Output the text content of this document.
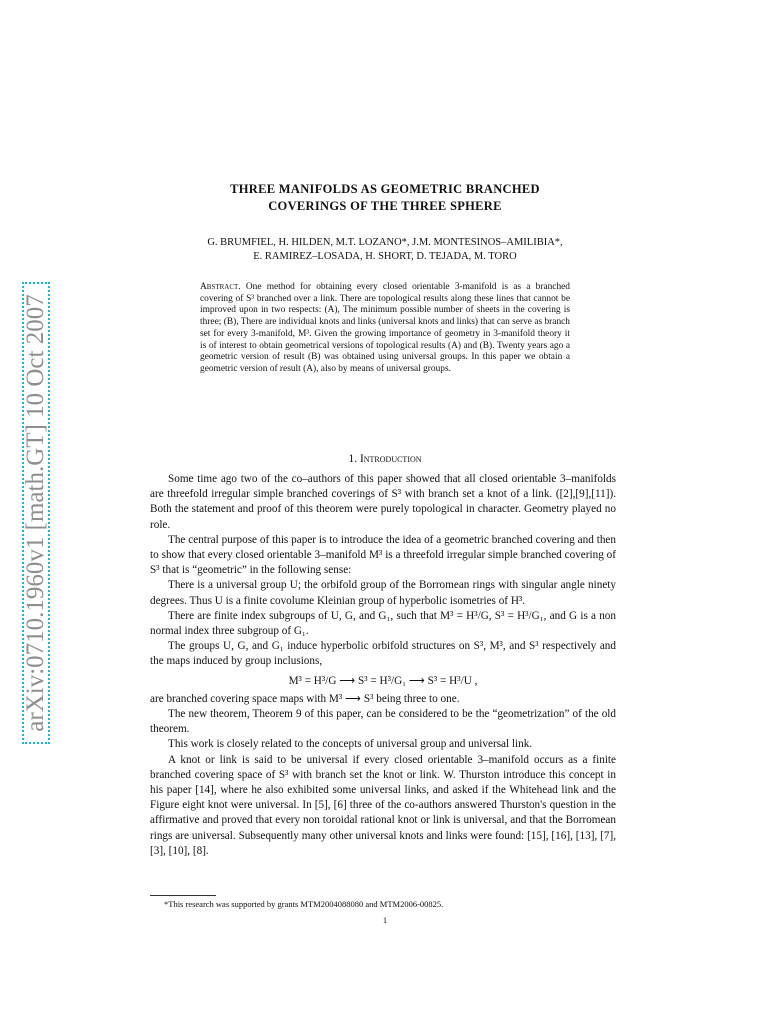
arXiv:0710.1960v1 [math.GT] 10 Oct 2007
THREE MANIFOLDS AS GEOMETRIC BRANCHED
COVERINGS OF THE THREE SPHERE
G. BRUMFIEL, H. HILDEN, M.T. LOZANO*, J.M. MONTESINOS–AMILIBIA*,
E. RAMIREZ–LOSADA, H. SHORT, D. TEJADA, M. TORO
Abstract. One method for obtaining every closed orientable 3-manifold is as a branched covering of S³ branched over a link. There are topological results along these lines that cannot be improved upon in two respects: (A), The minimum possible number of sheets in the covering is three; (B), There are individual knots and links (universal knots and links) that can serve as branch set for every 3-manifold, M³. Given the growing importance of geometry in 3-manifold theory it is of interest to obtain geometrical versions of topological results (A) and (B). Twenty years ago a geometric version of result (B) was obtained using universal groups. In this paper we obtain a geometric version of result (A), also by means of universal groups.
1. Introduction

Some time ago two of the co–authors of this paper showed that all closed orientable 3–manifolds are threefold irregular simple branched coverings of S³ with branch set a knot of a link. ([2],[9],[11]). Both the statement and proof of this theorem were purely topological in character. Geometry played no role.

The central purpose of this paper is to introduce the idea of a geometric branched covering and then to show that every closed orientable 3–manifold M³ is a threefold irregular simple branched covering of S³ that is “geometric” in the following sense:

There is a universal group U; the orbifold group of the Borromean rings with singular angle ninety degrees. Thus U is a finite covolume Kleinian group of hyperbolic isometries of H³.

There are finite index subgroups of U, G, and G₁, such that M³ = H³/G, S³ = H³/G₁, and G is a non normal index three subgroup of G₁.

The groups U, G, and G₁ induce hyperbolic orbifold structures on S³, M³, and S³ respectively and the maps induced by group inclusions,

M³ = H³/G ⟶ S³ = H³/G₁ ⟶ S³ = H³/U ,

are branched covering space maps with M³ ⟶ S³ being three to one.

The new theorem, Theorem 9 of this paper, can be considered to be the “geometrization” of the old theorem.

This work is closely related to the concepts of universal group and universal link.

A knot or link is said to be universal if every closed orientable 3–manifold occurs as a finite branched covering space of S³ with branch set the knot or link. W. Thurston introduce this concept in his paper [14], where he also exhibited some universal links, and asked if the Whitehead link and the Figure eight knot were universal. In [5], [6] three of the co-authors answered Thurston's question in the affirmative and proved that every non toroidal rational knot or link is universal, and that the Borromean rings are universal. Subsequently many other universal knots and links were found: [15], [16], [13], [7], [3], [10], [8].

*This research was supported by grants MTM2004088080 and MTM2006-00825.
1
